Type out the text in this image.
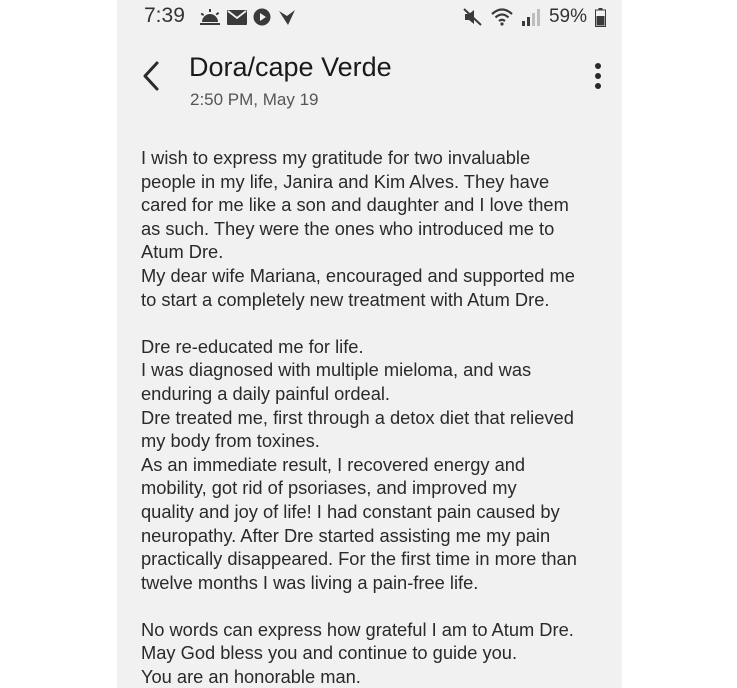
7:39	59%
Dora/cape Verde
2:50 PM, May 19

I wish to express my gratitude for two invaluable

people in my life, Janira and Kim Alves. They have

cared for me like a son and daughter and I love them

as such. They were the ones who introduced me to

Atum Dre.

My dear wife Mariana, encouraged and supported me

to start a completely new treatment with Atum Dre.

Dre re-educated me for life.

I was diagnosed with multiple mieloma, and was

enduring a daily painful ordeal.

Dre treated me, first through a detox diet that relieved

my body from toxines.

As an immediate result, I recovered energy and

mobility, got rid of psoriases, and improved my

quality and joy of life! I had constant pain caused by

neuropathy. After Dre started assisting me my pain

practically disappeared. For the first time in more than

twelve months I was living a pain-free life.

No words can express how grateful I am to Atum Dre.

May God bless you and continue to guide you.

You are an honorable man.
